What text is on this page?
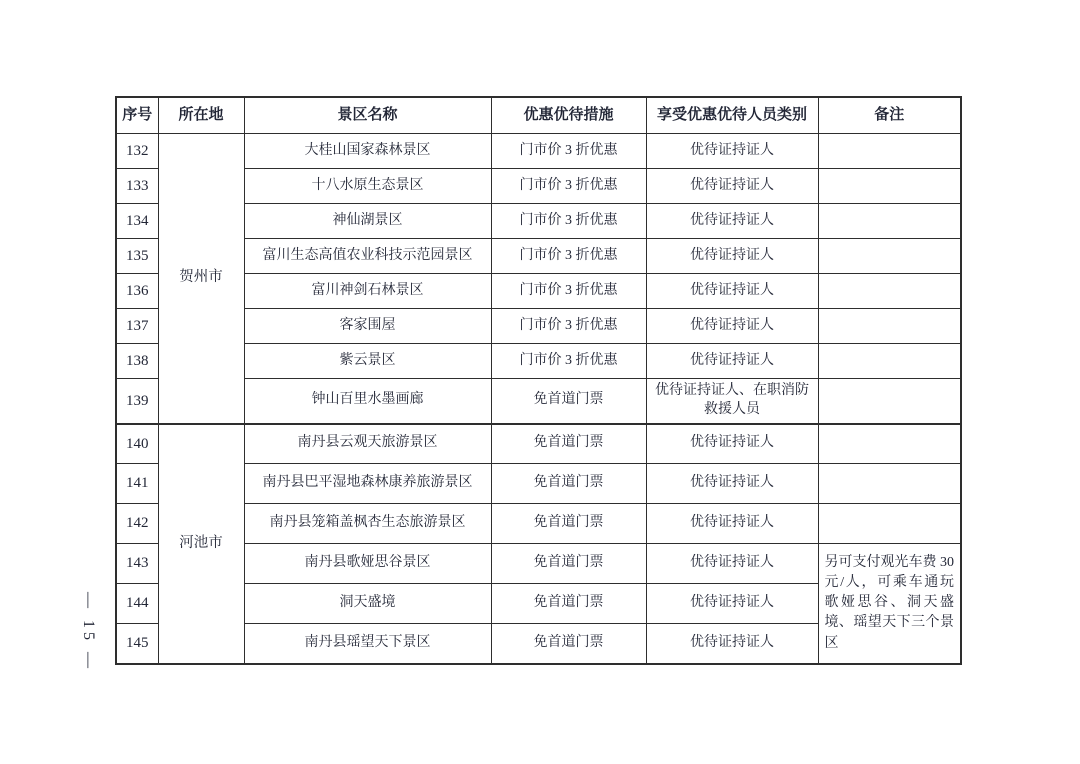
— 15 —
序号	所在地	景区名称	优惠优待措施	享受优惠优待人员类别	备注
132	贺州市	大桂山国家森林景区	门市价 3 折优惠	优待证持证人	
133		十八水原生态景区	门市价 3 折优惠	优待证持证人	
134		神仙湖景区	门市价 3 折优惠	优待证持证人	
135		富川生态高值农业科技示范园景区	门市价 3 折优惠	优待证持证人	
136		富川神剑石林景区	门市价 3 折优惠	优待证持证人	
137		客家围屋	门市价 3 折优惠	优待证持证人	
138		紫云景区	门市价 3 折优惠	优待证持证人	
139		钟山百里水墨画廊	免首道门票	优待证持证人、在职消防救援人员	
140	河池市	南丹县云观天旅游景区	免首道门票	优待证持证人	
141		南丹县巴平湿地森林康养旅游景区	免首道门票	优待证持证人	
142		南丹县笼箱盖枫杏生态旅游景区	免首道门票	优待证持证人	
143		南丹县歌娅思谷景区	免首道门票	优待证持证人	另可支付观光车费 30 元/人，可乘车通玩歌娅思谷、洞天盛境、瑶望天下三个景区
144		洞天盛境	免首道门票	优待证持证人	
145		南丹县瑶望天下景区	免首道门票	优待证持证人	
